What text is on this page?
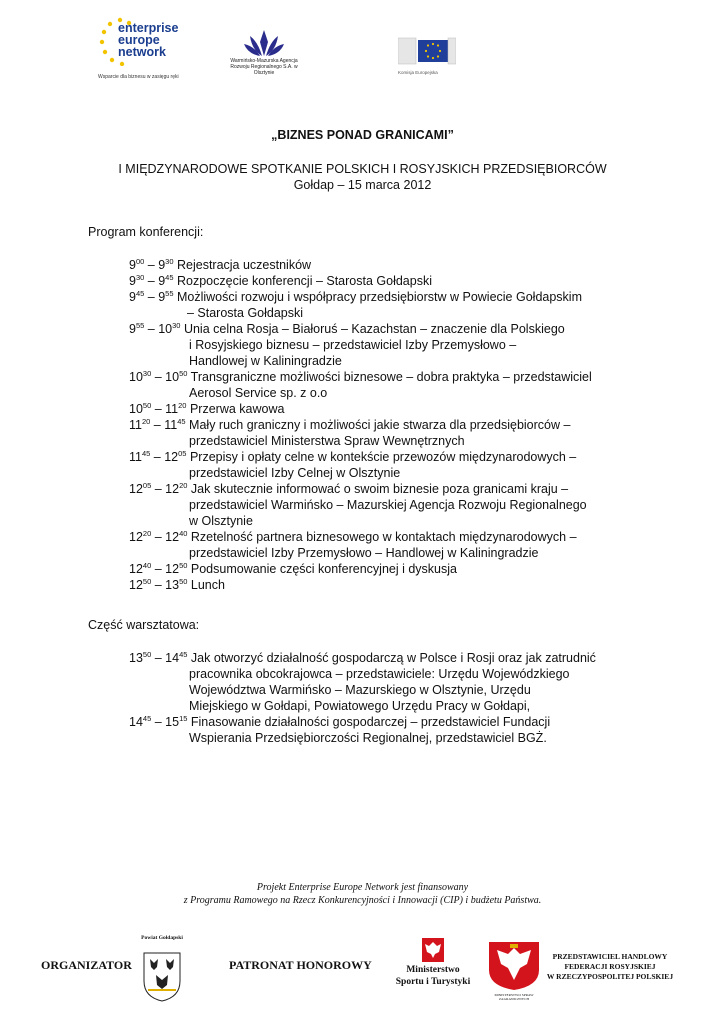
enterprise
europe
network
Wsparcie dla biznesu w zasięgu ręki
Warmińsko-Mazurska Agencja Rozwoju Regionalnego S.A. w Olsztynie	Komisja Europejska
„BIZNES PONAD GRANICAMI”
I MIĘDZYNARODOWE SPOTKANIE POLSKICH I ROSYJSKICH PRZEDSIĘBIORCÓW
Gołdap – 15 marca 2012
Program konferencji:
$9^{00} - 9^{30}$ Rejestracja uczestników
$9^{30} - 9^{45}$ Rozpoczęcie konferencji – Starosta Gołdapski
$9^{45} - 9^{55}$ Możliwości rozwoju i współpracy przedsiębiorstw w Powiecie Gołdapskim
– Starosta Gołdapski
$9^{55} - 10^{30}$ Unia celna Rosja – Białoruś – Kazachstan – znaczenie dla Polskiego
i Rosyjskiego biznesu – przedstawiciel Izby Przemysłowo –
Handlowej w Kaliningradzie
$10^{30} - 10^{50}$ Transgraniczne możliwości biznesowe – dobra praktyka – przedstawiciel
Aerosol Service sp. z o.o
$10^{50} - 11^{20}$ Przerwa kawowa
$11^{20} - 11^{45}$ Mały ruch graniczny i możliwości jakie stwarza dla przedsiębiorców –
przedstawiciel Ministerstwa Spraw Wewnętrznych
$11^{45} - 12^{05}$ Przepisy i opłaty celne w kontekście przewozów międzynarodowych –
przedstawiciel Izby Celnej w Olsztynie
$12^{05} - 12^{20}$ Jak skutecznie informować o swoim biznesie poza granicami kraju –
przedstawiciel Warmińsko – Mazurskiej Agencja Rozwoju Regionalnego
w Olsztynie
$12^{20} - 12^{40}$ Rzetelność partnera biznesowego w kontaktach międzynarodowych –
przedstawiciel Izby Przemysłowo – Handlowej w Kaliningradzie
$12^{40} - 12^{50}$ Podsumowanie części konferencyjnej i dyskusja
$12^{50} - 13^{50}$ Lunch
Część warsztatowa:
$13^{50} - 14^{45}$ Jak otworzyć działalność gospodarczą w Polsce i Rosji oraz jak zatrudnić
pracownika obcokrajowca – przedstawiciele: Urzędu Wojewódzkiego
Województwa Warmińsko – Mazurskiego w Olsztynie, Urzędu
Miejskiego w Gołdapi, Powiatowego Urzędu Pracy w Gołdapi,
$14^{45} - 15^{15}$ Finasowanie działalności gospodarczej – przedstawiciel Fundacji
Wspierania Przedsiębiorczości Regionalnej, przedstawiciel BGŻ.
Projekt Enterprise Europe Network jest finansowany
z Programu Ramowego na Rzecz Konkurencyjności i Innowacji (CIP) i budżetu Państwa.
ORGANIZATOR
Powiat Gołdapski
PATRONAT HONOROWY	Ministerstwo Sportu i Turystyki
MINISTERSTWO SPRAW ZAGRANICZNYCH
PRZEDSTAWICIEL HANDLOWY
FEDERACJI ROSYJSKIEJ
W RZECZYPOSPOLITEJ POLSKIEJ
